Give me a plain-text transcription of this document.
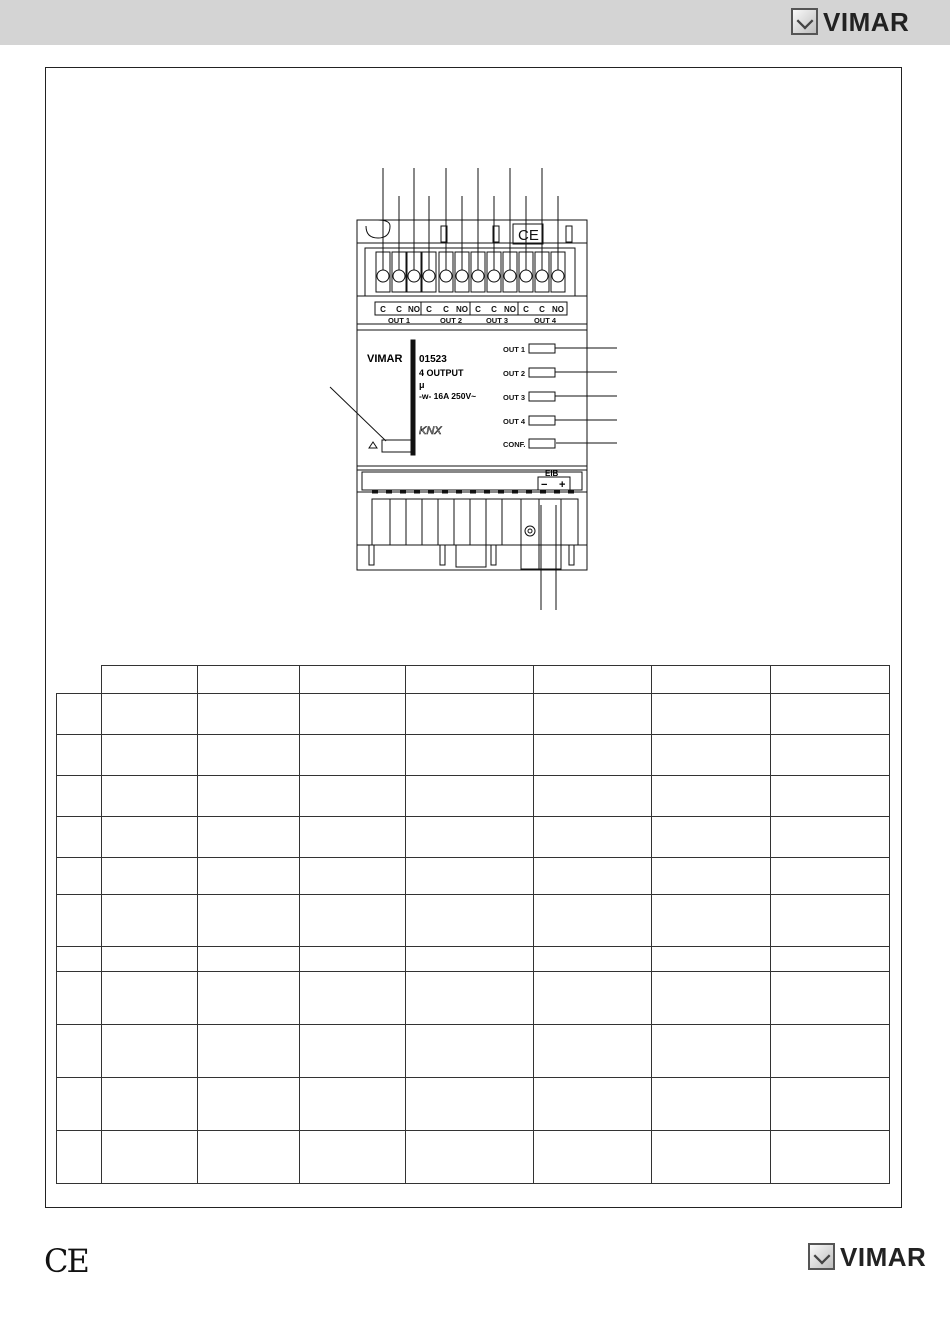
VIMAR
CE
C C NO C C NO C C NO C C NO
OUT 1	OUT 2	OUT 3	OUT 4
OUT 1
OUT 2
OUT 3
OUT 4
CONF.
VIMAR 01523
4 OUTPUT
μ
-w- 16A 250V~
KNX
EIB
− +

CE	VIMAR
